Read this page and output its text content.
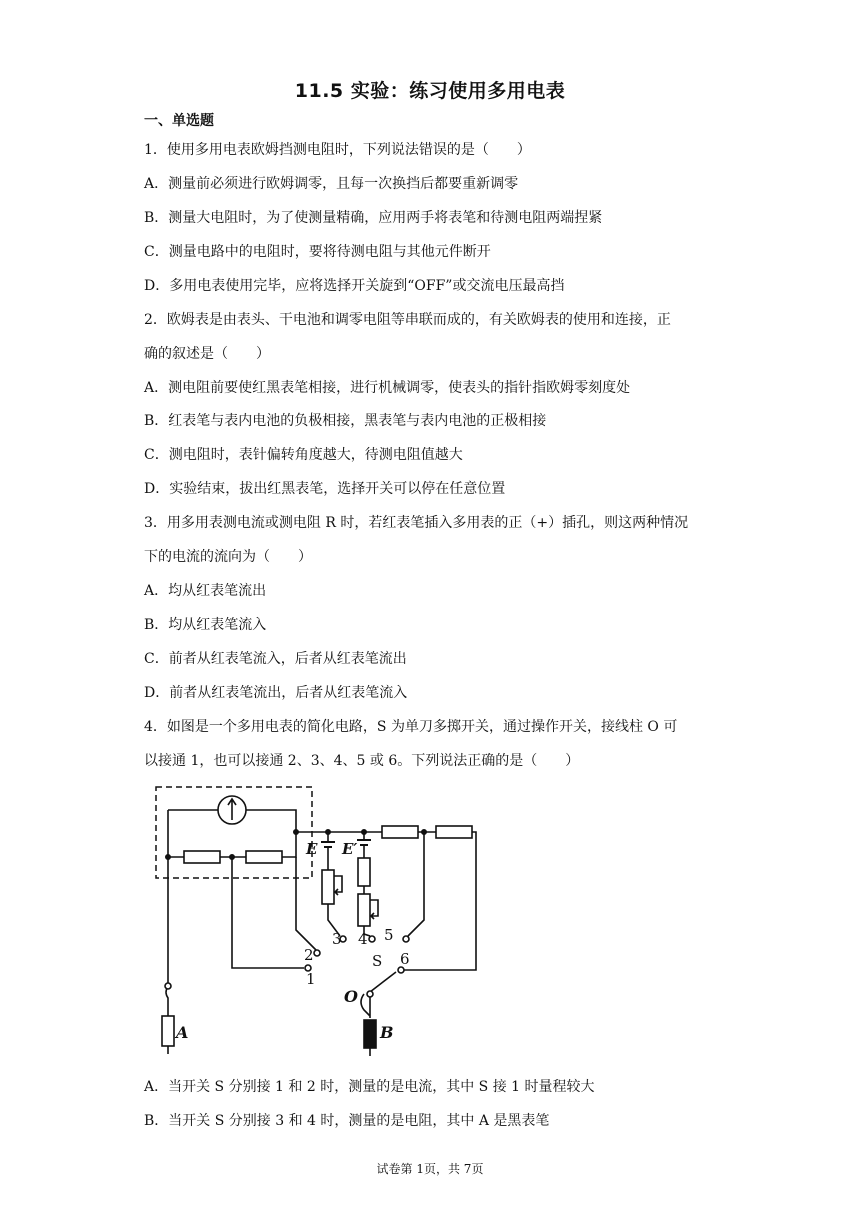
11.5 实验：练习使用多用电表
一、单选题
1．使用多用电表欧姆挡测电阻时，下列说法错误的是（　　）
A．测量前必须进行欧姆调零，且每一次换挡后都要重新调零
B．测量大电阻时，为了使测量精确，应用两手将表笔和待测电阻两端捏紧
C．测量电路中的电阻时，要将待测电阻与其他元件断开
D．多用电表使用完毕，应将选择开关旋到“OFF”或交流电压最高挡
2．欧姆表是由表头、干电池和调零电阻等串联而成的，有关欧姆表的使用和连接，正
确的叙述是（　　）
A．测电阻前要使红黑表笔相接，进行机械调零，使表头的指针指欧姆零刻度处
B．红表笔与表内电池的负极相接，黑表笔与表内电池的正极相接
C．测电阻时，表针偏转角度越大，待测电阻值越大
D．实验结束，拔出红黑表笔，选择开关可以停在任意位置
3．用多用表测电流或测电阻 R 时，若红表笔插入多用表的正（+）插孔，则这两种情况
下的电流的流向为（　　）
A．均从红表笔流出
B．均从红表笔流入
C．前者从红表笔流入，后者从红表笔流出
D．前者从红表笔流出，后者从红表笔流入
4．如图是一个多用电表的简化电路，S 为单刀多掷开关，通过操作开关，接线柱 O 可
以接通 1，也可以接通 2、3、4、5 或 6。下列说法正确的是（　　）
E E′
1
2
3 4 5
6
S
O
A	B
A．当开关 S 分别接 1 和 2 时，测量的是电流，其中 S 接 1 时量程较大
B．当开关 S 分别接 3 和 4 时，测量的是电阻，其中 A 是黑表笔
试卷第 1页，共 7页
